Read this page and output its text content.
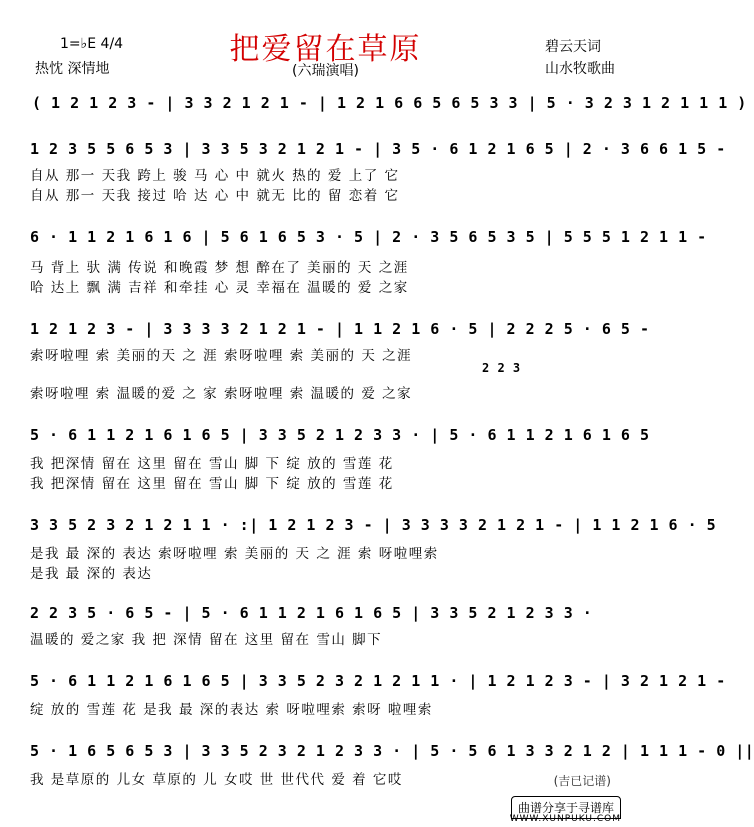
把爱留在草原
(六瑞演唱)
1=♭E 4/4
热忱 深情地
碧云天词
山水牧歌曲
( 1 2 1 2 3 - | 3 3 2 1 2 1 - | 1 2 1 6 6 5 6 5 3 3 | 5 · 3 2 3 1 2 1 1 1 )
1 2 3 5 5 6 5 3 | 3 3 5 3 2 1 2 1 - | 3 5 · 6 1 2 1 6 5 | 2 · 3 6 6 1 5 -
自从 那一 天我 跨上 骏 马 心 中 就火 热的 爱 上了 它
自从 那一 天我 接过 哈 达 心 中 就无 比的 留 恋着 它
6 · 1 1 2 1 6 1 6 | 5 6 1 6 5 3 · 5 | 2 · 3 5 6 5 3 5 | 5 5 5 1 2 1 1 -
马 背上 驮 满 传说 和晚霞 梦 想 醉在了 美丽的 天 之涯
哈 达上 飘 满 吉祥 和牵挂 心 灵 幸福在 温暖的 爱 之家
1 2 1 2 3 - | 3 3 3 3 2 1 2 1 - | 1 1 2 1 6 · 5 | 2 2 2 5 · 6 5 -
索呀啦哩 索 美丽的天 之 涯 索呀啦哩 索 美丽的 天 之涯
2 2 3
索呀啦哩 索 温暖的爱 之 家 索呀啦哩 索 温暖的 爱 之家
5 · 6 1 1 2 1 6 1 6 5 | 3 3 5 2 1 2 3 3 · | 5 · 6 1 1 2 1 6 1 6 5
我 把深情 留在 这里 留在 雪山 脚 下 绽 放的 雪莲 花
我 把深情 留在 这里 留在 雪山 脚 下 绽 放的 雪莲 花
3 3 5 2 3 2 1 2 1 1 · :| 1 2 1 2 3 - | 3 3 3 3 2 1 2 1 - | 1 1 2 1 6 · 5
是我 最 深的 表达 索呀啦哩 索 美丽的 天 之 涯 索 呀啦哩索
是我 最 深的 表达
2 2 3 5 · 6 5 - | 5 · 6 1 1 2 1 6 1 6 5 | 3 3 5 2 1 2 3 3 ·
温暖的 爱之家 我 把 深情 留在 这里 留在 雪山 脚下
5 · 6 1 1 2 1 6 1 6 5 | 3 3 5 2 3 2 1 2 1 1 · | 1 2 1 2 3 - | 3 2 1 2 1 -
绽 放的 雪莲 花 是我 最 深的表达 索 呀啦哩索 索呀 啦哩索
5 · 1 6 5 6 5 3 | 3 3 5 2 3 2 1 2 3 3 · | 5 · 5 6 1 3 3 2 1 2 | 1 1 1 - 0 ||
我 是草原的 儿女 草原的 儿 女哎 世 世代代 爱 着 它哎	(吉已记谱)
曲谱分享于寻谱库
WWW.XUNPUKU.COM
